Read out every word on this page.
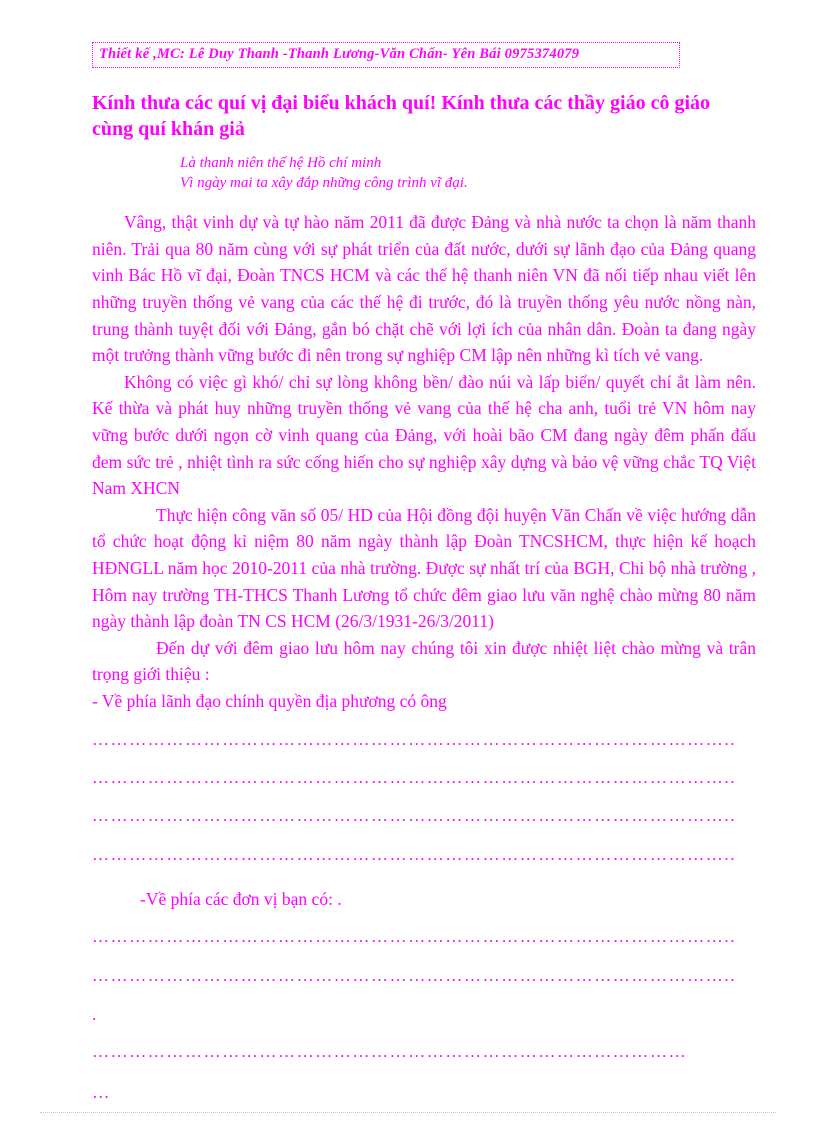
Thiết kế ,MC: Lê Duy Thanh -Thanh Lương-Văn Chấn- Yên Bái 0975374079
Kính thưa các quí vị đại biểu khách quí! Kính thưa các thầy giáo cô giáo cùng quí khán giả
Là thanh niên thế hệ Hồ chí minh
Vì ngày mai ta xây đắp những công trình vĩ đại.

Vâng, thật vinh dự và tự hào năm 2011 đã được Đảng và nhà nước ta chọn là năm thanh niên. Trải qua 80 năm cùng với sự phát triển của đất nước, dưới sự lãnh đạo của Đảng quang vinh Bác Hồ vĩ đại, Đoàn TNCS HCM và các thế hệ thanh niên VN đã nối tiếp nhau viết lên những truyền thống vẻ vang của các thế hệ đi trước, đó là truyền thống yêu nước nồng nàn, trung thành tuyệt đối với Đảng, gắn bó chặt chẽ với lợi ích của nhân dân. Đoàn ta đang ngày một trưởng thành vững bước đi nên trong sự nghiệp CM lập nên những kì tích vẻ vang.

Không có việc gì khó/ chỉ sự lòng không bền/ đào núi và lấp biển/ quyết chí ắt làm nên. Kế thừa và phát huy những truyền thống vẻ vang của thế hệ cha anh, tuổi trẻ VN hôm nay vững bước dưới ngọn cờ vinh quang của Đảng, với hoài bão CM đang ngày đêm phấn đấu đem sức trẻ , nhiệt tình ra sức cống hiến cho sự nghiệp xây dựng và bảo vệ vững chắc TQ Việt Nam XHCN

Thực hiện công văn số 05/ HD của Hội đồng đội huyện Văn Chấn về việc hướng dẫn tổ chức hoạt động kỉ niệm 80 năm ngày thành lập Đoàn TNCSHCM, thực hiện kế hoạch HĐNGLL năm học 2010-2011 của nhà trường. Được sự nhất trí của BGH, Chi bộ nhà trường , Hôm nay trường TH-THCS Thanh Lương tổ chức đêm giao lưu văn nghệ chào mừng 80 năm ngày thành lập đoàn TN CS HCM (26/3/1931-26/3/2011)

Đến dự với đêm giao lưu hôm nay chúng tôi xin được nhiệt liệt chào mừng và trân trọng giới thiệu :

- Về phía lãnh đạo chính quyền địa phương có ông

…………………………………………………………………………………………..
…………………………………………………………………………………………..
…………………………………………………………………………………………..
…………………………………………………………………………………………..
-Về phía các đơn vị bạn có: .
…………………………………………………………………………………………..
…………………………………………………………………………………………..
.
……………………………………………………………………………………
…
